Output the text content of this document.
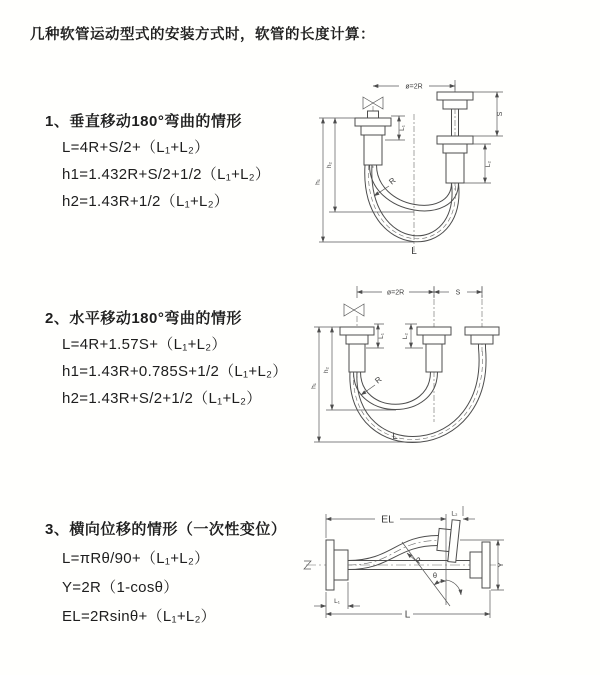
几种软管运动型式的安装方式时，软管的长度计算：
1、垂直移动180°弯曲的情形
L=4R+S/2+（L₁+L₂）
h1=1.432R+S/2+1/2（L₁+L₂）
h2=1.43R+1/2（L₁+L₂）
2、水平移动180°弯曲的情形
L=4R+1.57S+（L₁+L₂）
h1=1.43R+0.785S+1/2（L₁+L₂）
h2=1.43R+S/2+1/2（L₁+L₂）
3、横向位移的情形（一次性变位）
L=πRθ/90+（L₁+L₂）
Y=2R（1-cosθ）
EL=2Rsinθ+（L₁+L₂）
ø=2R
L₁
S
L₂
h₂
h₁	R
L
ø=2R	S
L₁	L₂
h₂
h₁
R
L
EL	L₂
Y
L
L₁
θ
R
